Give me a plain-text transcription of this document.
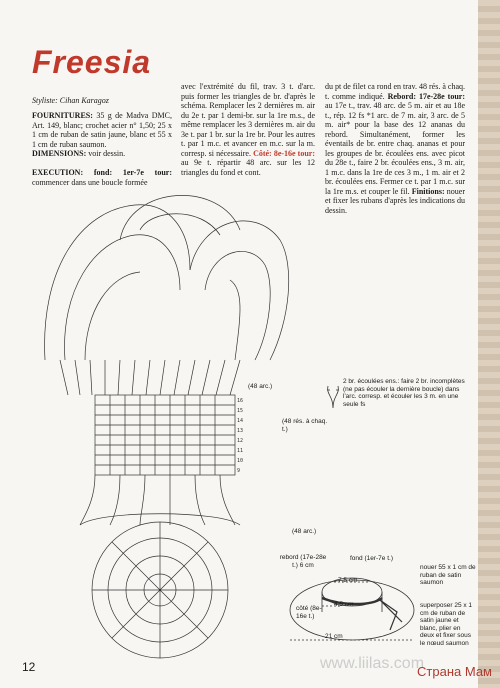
Freesia
Styliste: Cihan Karagoz
FOURNITURES: 35 g de Madva DMC, Art. 149, blanc; crochet acier n° 1,50; 25 x 1 cm de ruban de satin jaune, blanc et 55 x 1 cm de ruban saumon.
DIMENSIONS: voir dessin.

EXECUTION: fond: 1er-7e tour: commencer dans une boucle formée
avec l'extrémité du fil, trav. 3 t. d'arc. puis former les triangles de br. d'après le schéma. Remplacer les 2 dernières m. air du 2e t. par 1 demi-br. sur la 1re m.s., de même remplacer les 3 dernières m. air du 3e t. par 1 br. sur la 1re br. Pour les autres t. par 1 m.c. et avancer en m.c. sur la m. corresp. si nécessaire. Côté: 8e-16e tour: au 9e t. répartir 48 arc. sur les 12 triangles du fond et cont.
du pt de filet ca rond en trav. 48 rés. à chaq. t. comme indiqué. Rebord: 17e-28e tour: au 17e t., trav. 48 arc. de 5 m. air et au 18e t., rép. 12 fs *1 arc. de 7 m. air, 3 arc. de 5 m. air* pour la base des 12 ananas du rebord. Simultanément, former les éventails de br. entre chaq. ananas et pour les groupes de br. écoulées ens. avec picot du 28e t., faire 2 br. écoulées ens., 3 m. air, 1 m.c. dans la 1re de ces 3 m., 1 m. air et 2 br. écoulées ens. Fermer ce t. par 1 m.c. sur la 1re m.s. et couper le fil. Finitions: nouer et fixer les rubans d'après les indications du dessin.
16
15
14
13
12
11
10
9
(48 arc.)
(48 rés. à chaq. t.)
(48 arc.)
2 br. écoulées ens.: faire 2 br. incomplètes (ne pas écouler la dernière boucle) dans l'arc. corresp. et écouler les 3 m. en une seule fs
rebord (17e-28e t.) 6 cm
fond (1er-7e t.)
7,5 cm
4,5 cm
côté (8e-16e t.)
21 cm
nouer 55 x 1 cm de ruban de satin saumon
superposer 25 x 1 cm de ruban de satin jaune et blanc, plier en deux et fixer sous le nœud saumon
www.liilas.com
12	Страна Мам
